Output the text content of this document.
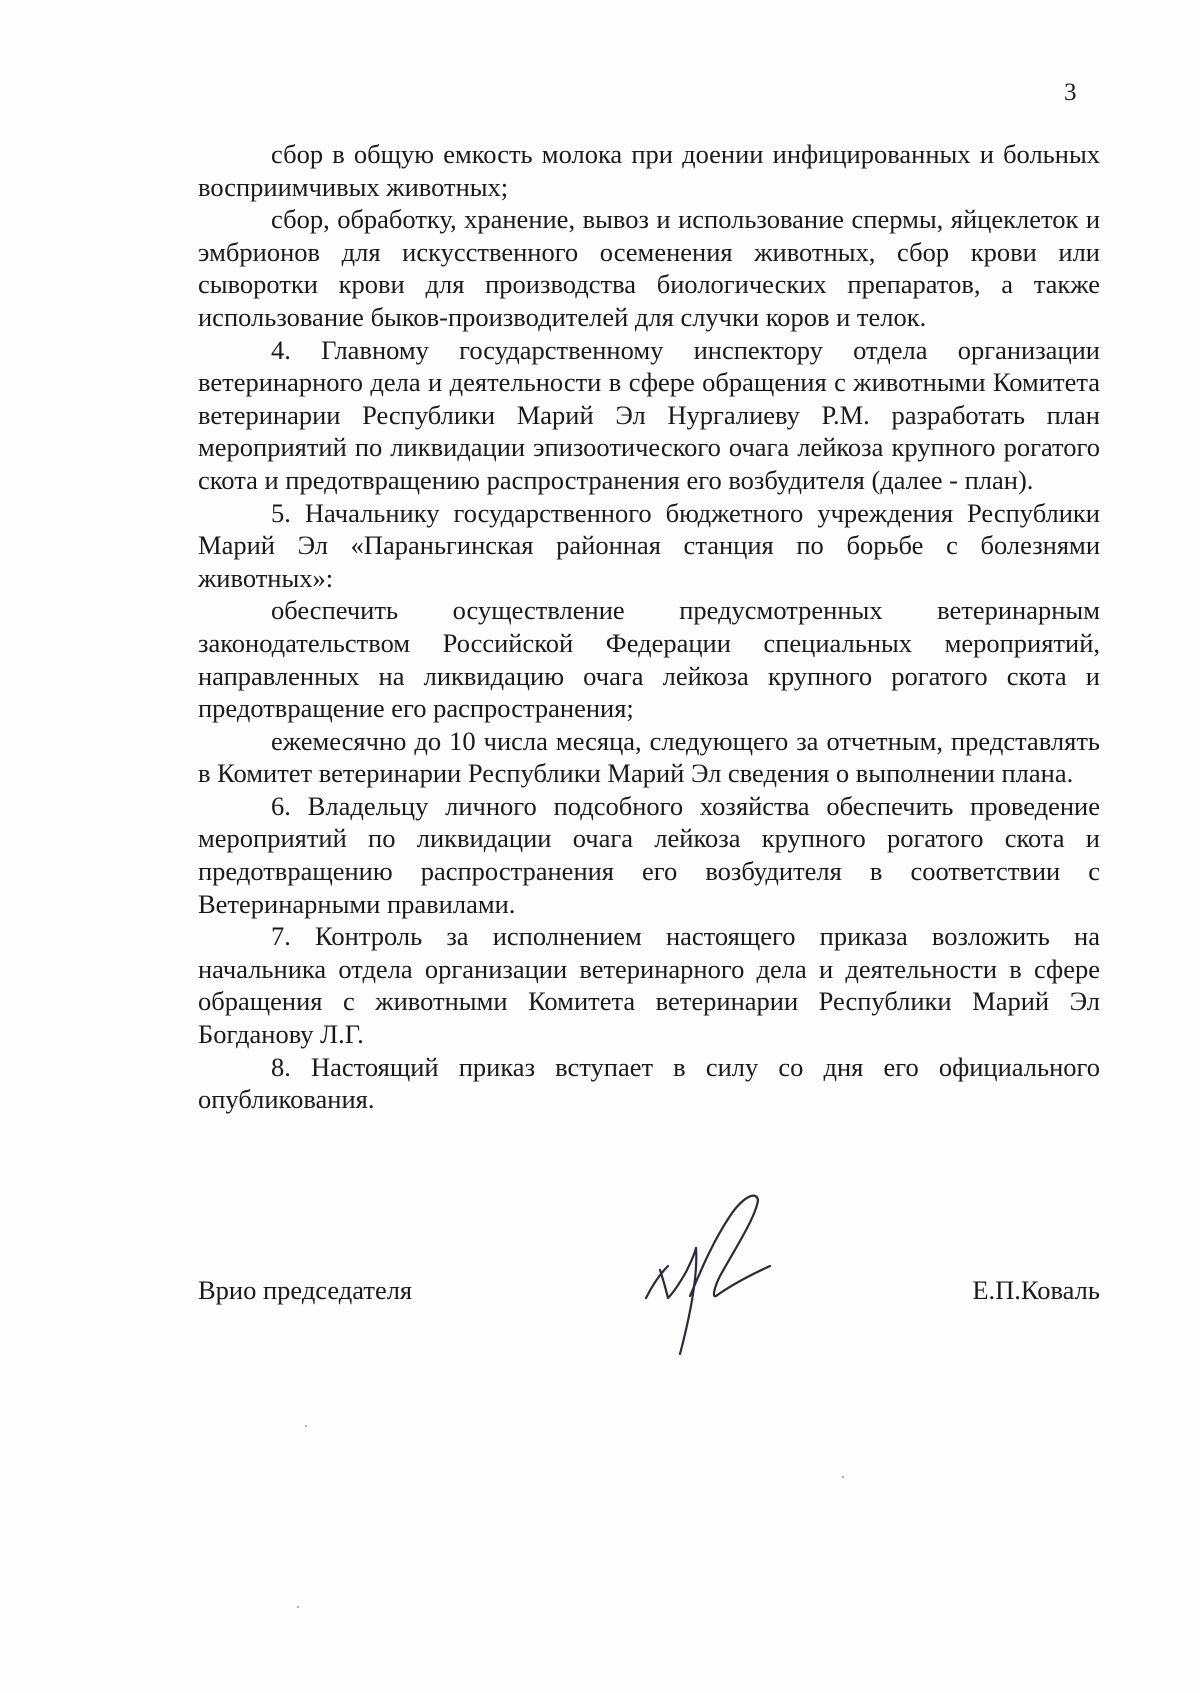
3

сбор в общую емкость молока при доении инфицированных и больных восприимчивых животных;

сбор, обработку, хранение, вывоз и использование спермы, яйцеклеток и эмбрионов для искусственного осеменения животных, сбор крови или сыворотки крови для производства биологических препаратов, а также использование быков-производителей для случки коров и телок.

4. Главному государственному инспектору отдела организации ветеринарного дела и деятельности в сфере обращения с животными Комитета ветеринарии Республики Марий Эл Нургалиеву Р.М. разработать план мероприятий по ликвидации эпизоотического очага лейкоза крупного рогатого скота и предотвращению распространения его возбудителя (далее - план).

5. Начальнику государственного бюджетного учреждения Республики Марий Эл «Параньгинская районная станция по борьбе с болезнями животных»:

обеспечить осуществление предусмотренных ветеринарным законодательством Российской Федерации специальных мероприятий, направленных на ликвидацию очага лейкоза крупного рогатого скота и предотвращение его распространения;

ежемесячно до 10 числа месяца, следующего за отчетным, представлять в Комитет ветеринарии Республики Марий Эл сведения о выполнении плана.

6. Владельцу личного подсобного хозяйства обеспечить проведение мероприятий по ликвидации очага лейкоза крупного рогатого скота и предотвращению распространения его возбудителя в соответствии с Ветеринарными правилами.

7. Контроль за исполнением настоящего приказа возложить на начальника отдела организации ветеринарного дела и деятельности в сфере обращения с животными Комитета ветеринарии Республики Марий Эл Богданову Л.Г.

8. Настоящий приказ вступает в силу со дня его официального опубликования.

Врио председателя	Е.П.Коваль
